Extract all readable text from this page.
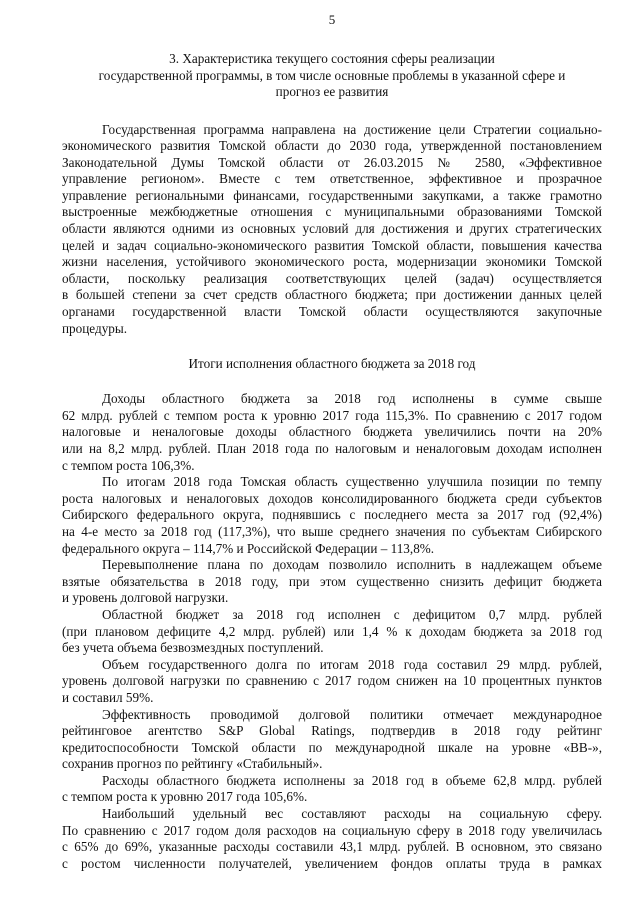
5
3. Характеристика текущего состояния сферы реализации
государственной программы, в том числе основные проблемы в указанной сфере и
прогноз ее развития
Государственная программа направлена на достижение цели Стратегии социально-
экономического развития Томской области до 2030 года, утвержденной постановлением
Законодательной Думы Томской области от 26.03.2015 № 2580, «Эффективное
управление регионом». Вместе с тем ответственное, эффективное и прозрачное
управление региональными финансами, государственными закупками, а также грамотно
выстроенные межбюджетные отношения с муниципальными образованиями Томской
области являются одними из основных условий для достижения и других стратегических
целей и задач социально-экономического развития Томской области, повышения качества
жизни населения, устойчивого экономического роста, модернизации экономики Томской
области, поскольку реализация соответствующих целей (задач) осуществляется
в большей степени за счет средств областного бюджета; при достижении данных целей
органами государственной власти Томской области осуществляются закупочные
процедуры.
Итоги исполнения областного бюджета за 2018 год
Доходы областного бюджета за 2018 год исполнены в сумме свыше
62 млрд. рублей с темпом роста к уровню 2017 года 115,3%. По сравнению с 2017 годом
налоговые и неналоговые доходы областного бюджета увеличились почти на 20%
или на 8,2 млрд. рублей. План 2018 года по налоговым и неналоговым доходам исполнен
с темпом роста 106,3%.
По итогам 2018 года Томская область существенно улучшила позиции по темпу
роста налоговых и неналоговых доходов консолидированного бюджета среди субъектов
Сибирского федерального округа, поднявшись с последнего места за 2017 год (92,4%)
на 4-е место за 2018 год (117,3%), что выше среднего значения по субъектам Сибирского
федерального округа – 114,7% и Российской Федерации – 113,8%.
Перевыполнение плана по доходам позволило исполнить в надлежащем объеме
взятые обязательства в 2018 году, при этом существенно снизить дефицит бюджета
и уровень долговой нагрузки.
Областной бюджет за 2018 год исполнен с дефицитом 0,7 млрд. рублей
(при плановом дефиците 4,2 млрд. рублей) или 1,4 % к доходам бюджета за 2018 год
без учета объема безвозмездных поступлений.
Объем государственного долга по итогам 2018 года составил 29 млрд. рублей,
уровень долговой нагрузки по сравнению с 2017 годом снижен на 10 процентных пунктов
и составил 59%.
Эффективность проводимой долговой политики отмечает международное
рейтинговое агентство S&P Global Ratings, подтвердив в 2018 году рейтинг
кредитоспособности Томской области по международной шкале на уровне «ВВ-»,
сохранив прогноз по рейтингу «Стабильный».
Расходы областного бюджета исполнены за 2018 год в объеме 62,8 млрд. рублей
с темпом роста к уровню 2017 года 105,6%.
Наибольший удельный вес составляют расходы на социальную сферу.
По сравнению с 2017 годом доля расходов на социальную сферу в 2018 году увеличилась
с 65% до 69%, указанные расходы составили 43,1 млрд. рублей. В основном, это связано
с ростом численности получателей, увеличением фондов оплаты труда в рамках
